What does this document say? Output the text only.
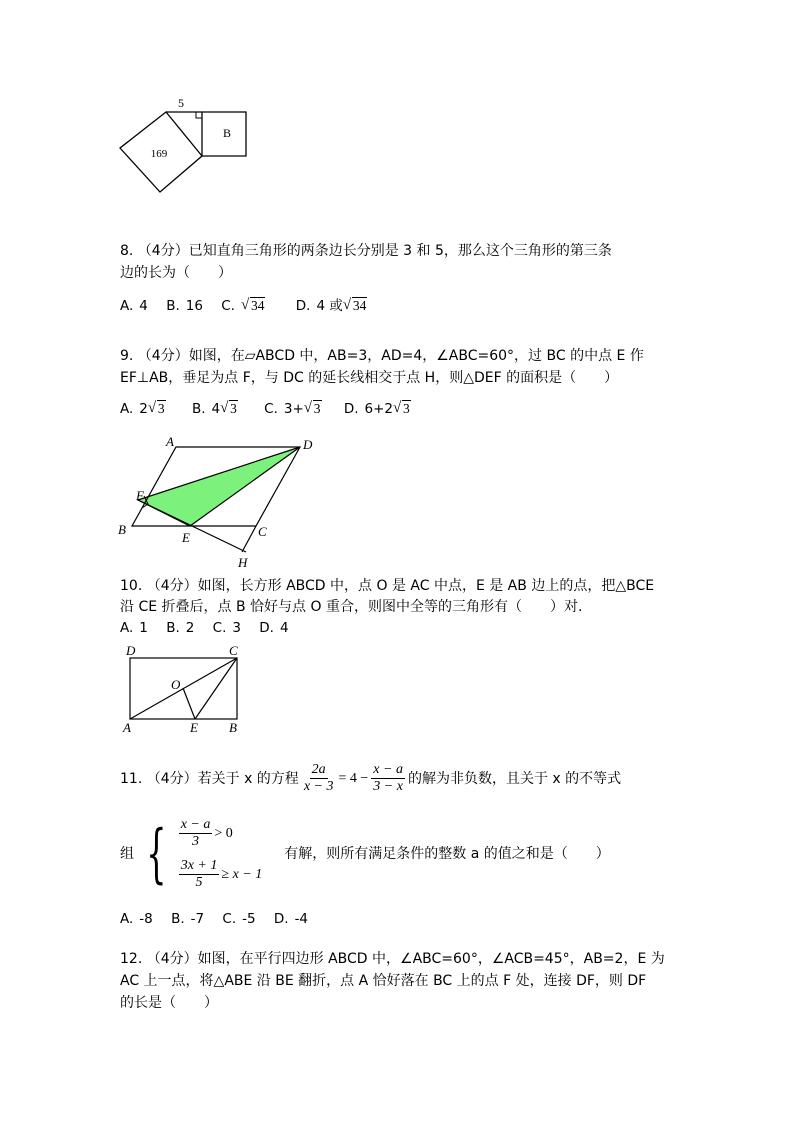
5
169
B
8. （4分）已知直角三角形的两条边长分别是 3 和 5，那么这个三角形的第三条
边的长为（　　）
A. 4 B. 16 C. √ 34 D. 4 或 √ 34
9. （4分）如图，在▱ABCD 中，AB=3，AD=4，∠ABC=60°，过 BC 的中点 E 作
EF⊥AB，垂足为点 F，与 DC 的延长线相交于点 H，则△DEF 的面积是（　　）
A. 2 √ 3 B. 4 √ 3 C. 3+ √ 3 D. 6+2 √ 3
A	D
F
B
E	C
H
10. （4分）如图，长方形 ABCD 中，点 O 是 AC 中点，E 是 AB 边上的点，把△BCE
沿 CE 折叠后，点 B 恰好与点 O 重合，则图中全等的三角形有（　　）对.
A. 1 B. 2 C. 3 D. 4
D	C
O
A	E B
11. （4分）若关于 x 的方程 $\frac{2a}{x - 3} = 4 - \frac{x - a}{3 - x}$ 的解为非负数，且关于 x 的不等式
组 { $\frac{x - a}{3} > 0$
$\frac{3x + 1}{5} \ge x - 1$
有解，则所有满足条件的整数 a 的值之和是（　　）
A. -8 B. -7 C. -5 D. -4
12. （4分）如图，在平行四边形 ABCD 中，∠ABC=60°，∠ACB=45°，AB=2，E 为
AC 上一点，将△ABE 沿 BE 翻折，点 A 恰好落在 BC 上的点 F 处，连接 DF，则 DF
的长是（　　）
